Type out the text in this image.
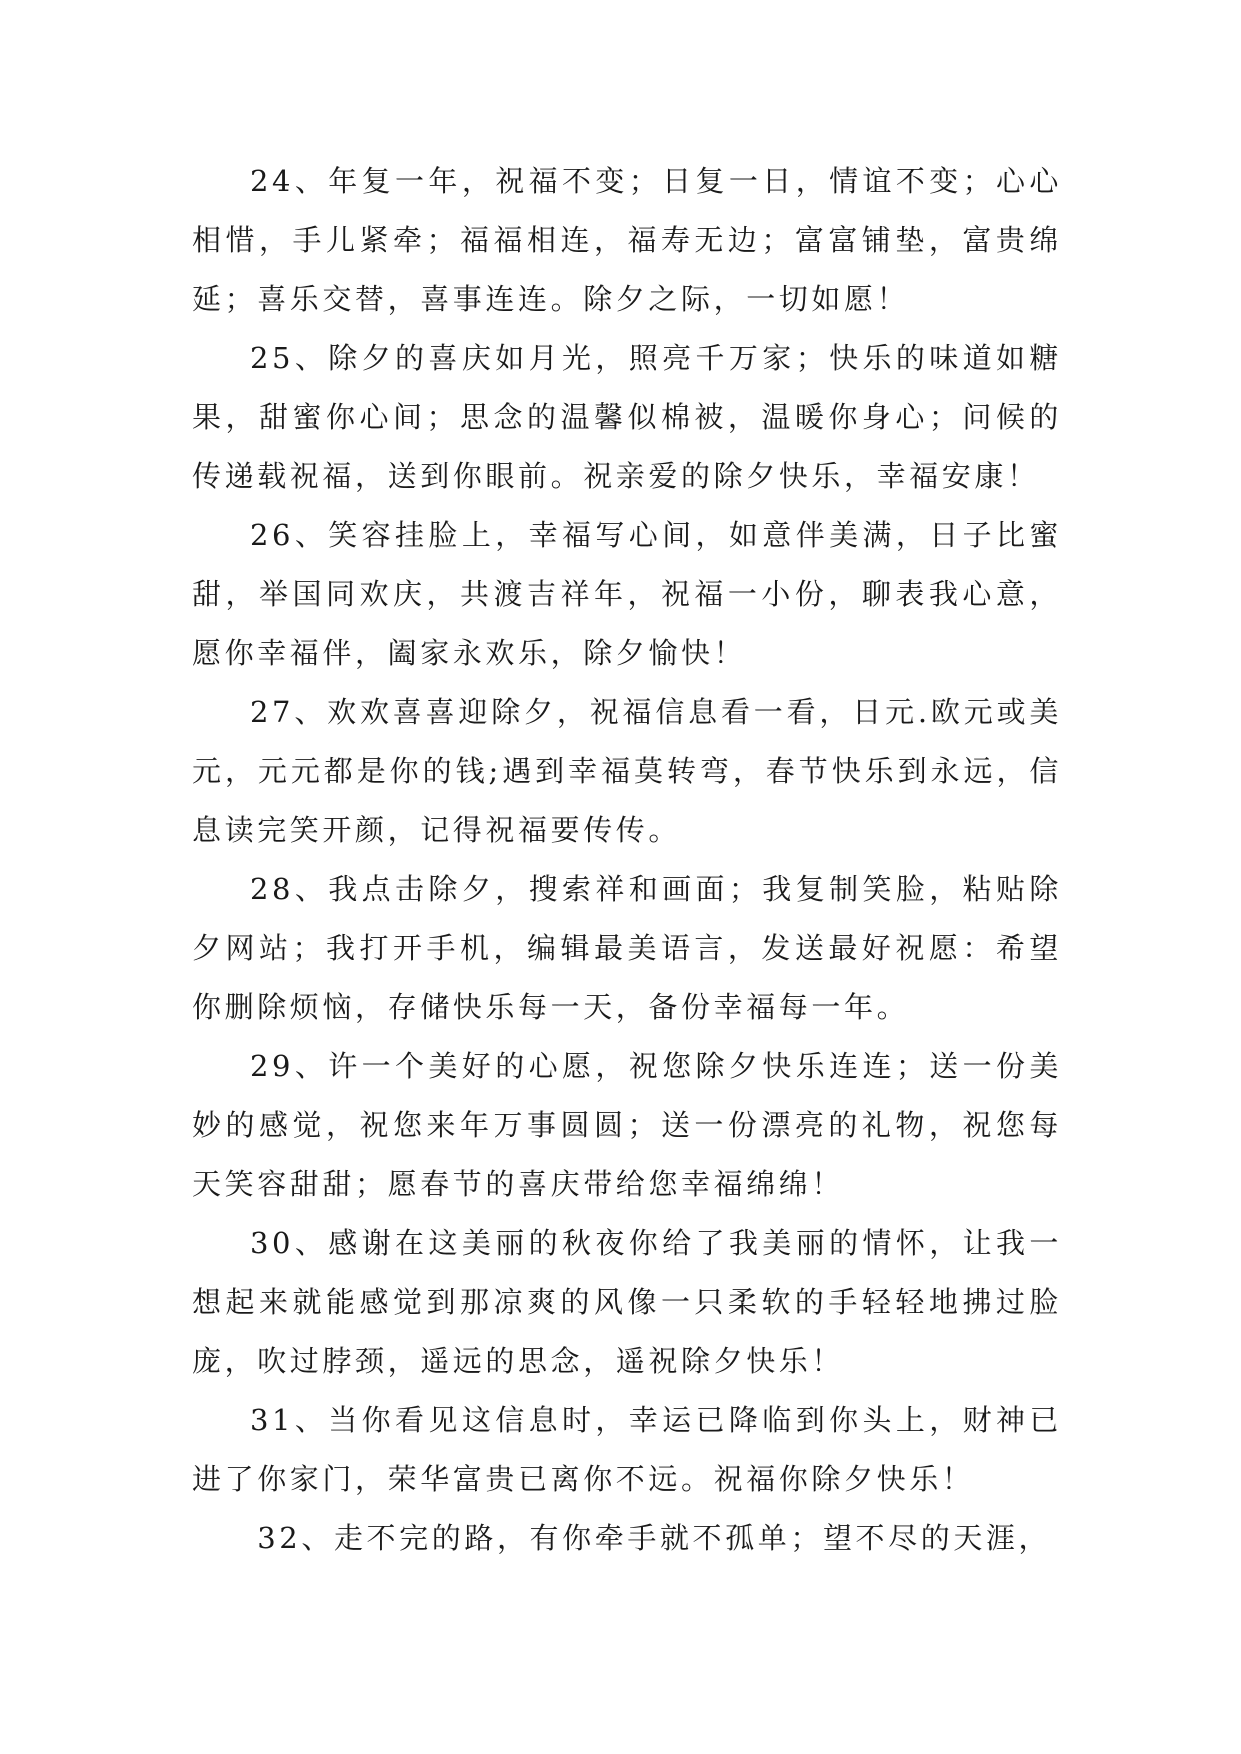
24、年复一年，祝福不变；日复一日，情谊不变；心心相惜，手儿紧牵；福福相连，福寿无边；富富铺垫，富贵绵延；喜乐交替，喜事连连。除夕之际，一切如愿！

25、除夕的喜庆如月光，照亮千万家；快乐的味道如糖果，甜蜜你心间；思念的温馨似棉被，温暖你身心；问候的传递载祝福，送到你眼前。祝亲爱的除夕快乐，幸福安康！

26、笑容挂脸上，幸福写心间，如意伴美满，日子比蜜甜，举国同欢庆，共渡吉祥年，祝福一小份，聊表我心意，愿你幸福伴，阖家永欢乐，除夕愉快！

27、欢欢喜喜迎除夕，祝福信息看一看，日元.欧元或美元，元元都是你的钱;遇到幸福莫转弯，春节快乐到永远，信息读完笑开颜，记得祝福要传传。

28、我点击除夕，搜索祥和画面；我复制笑脸，粘贴除夕网站；我打开手机，编辑最美语言，发送最好祝愿：希望你删除烦恼，存储快乐每一天，备份幸福每一年。

29、许一个美好的心愿，祝您除夕快乐连连；送一份美妙的感觉，祝您来年万事圆圆；送一份漂亮的礼物，祝您每天笑容甜甜；愿春节的喜庆带给您幸福绵绵！

30、感谢在这美丽的秋夜你给了我美丽的情怀，让我一想起来就能感觉到那凉爽的风像一只柔软的手轻轻地拂过脸庞，吹过脖颈，遥远的思念，遥祝除夕快乐！

31、当你看见这信息时，幸运已降临到你头上，财神已进了你家门，荣华富贵已离你不远。祝福你除夕快乐！

32、走不完的路，有你牵手就不孤单；望不尽的天涯，
